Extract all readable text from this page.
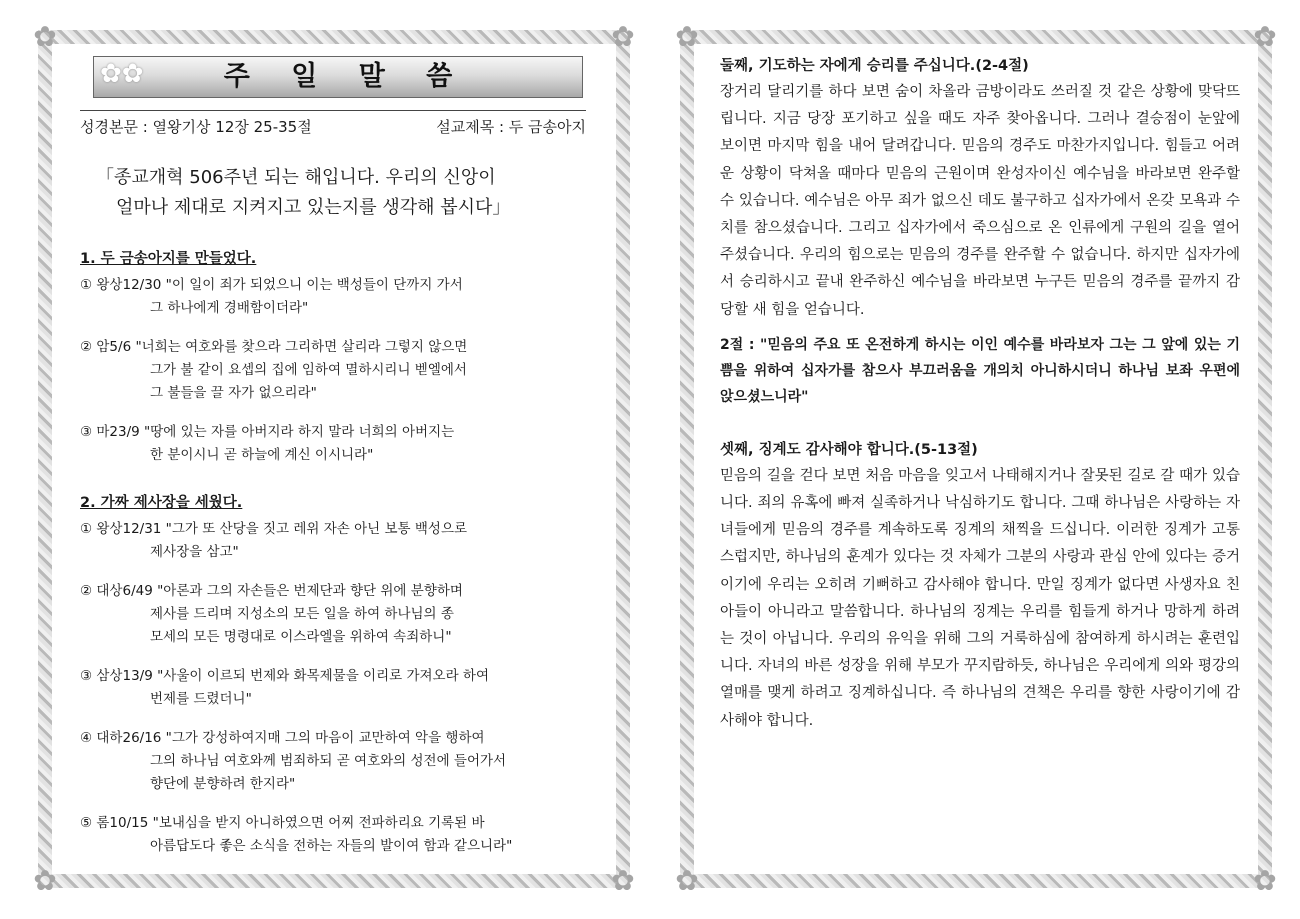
✿	✿
✿	✿
✿✿	주 일 말 씀
성경본문 : 열왕기상 12장 25-35절	설교제목 : 두 금송아지
「종교개혁 506주년 되는 해입니다. 우리의 신앙이
얼마나 제대로 지켜지고 있는지를 생각해 봅시다」
1. 두 금송아지를 만들었다.
① 왕상12/30 "이 일이 죄가 되었으니 이는 백성들이 단까지 가서
그 하나에게 경배함이더라"
② 암5/6 "너희는 여호와를 찾으라 그리하면 살리라 그렇지 않으면
그가 불 같이 요셉의 집에 임하여 멸하시리니 벧엘에서
그 불들을 끌 자가 없으리라"
③ 마23/9 "땅에 있는 자를 아버지라 하지 말라 너희의 아버지는
한 분이시니 곧 하늘에 계신 이시니라"
2. 가짜 제사장을 세웠다.
① 왕상12/31 "그가 또 산당을 짓고 레위 자손 아닌 보통 백성으로
제사장을 삼고"
② 대상6/49 "아론과 그의 자손들은 번제단과 향단 위에 분향하며
제사를 드리며 지성소의 모든 일을 하여 하나님의 종
모세의 모든 명령대로 이스라엘을 위하여 속죄하니"
③ 삼상13/9 "사울이 이르되 번제와 화목제물을 이리로 가져오라 하여
번제를 드렸더니"
④ 대하26/16 "그가 강성하여지매 그의 마음이 교만하여 악을 행하여
그의 하나님 여호와께 범죄하되 곧 여호와의 성전에 들어가서
향단에 분향하려 한지라"
⑤ 롬10/15 "보내심을 받지 아니하였으면 어찌 전파하리요 기록된 바
아름답도다 좋은 소식을 전하는 자들의 발이여 함과 같으니라"
✿	✿
✿	✿
둘째, 기도하는 자에게 승리를 주십니다.(2-4절)

장거리 달리기를 하다 보면 숨이 차올라 금방이라도 쓰러질 것 같은 상황에 맞닥뜨립니다. 지금 당장 포기하고 싶을 때도 자주 찾아옵니다. 그러나 결승점이 눈앞에 보이면 마지막 힘을 내어 달려갑니다. 믿음의 경주도 마찬가지입니다. 힘들고 어려운 상황이 닥쳐올 때마다 믿음의 근원이며 완성자이신 예수님을 바라보면 완주할 수 있습니다. 예수님은 아무 죄가 없으신 데도 불구하고 십자가에서 온갖 모욕과 수치를 참으셨습니다. 그리고 십자가에서 죽으심으로 온 인류에게 구원의 길을 열어 주셨습니다. 우리의 힘으로는 믿음의 경주를 완주할 수 없습니다. 하지만 십자가에서 승리하시고 끝내 완주하신 예수님을 바라보면 누구든 믿음의 경주를 끝까지 감당할 새 힘을 얻습니다.

2절 : "믿음의 주요 또 온전하게 하시는 이인 예수를 바라보자 그는 그 앞에 있는 기쁨을 위하여 십자가를 참으사 부끄러움을 개의치 아니하시더니 하나님 보좌 우편에 앉으셨느니라"

셋째, 징계도 감사해야 합니다.(5-13절)

믿음의 길을 걷다 보면 처음 마음을 잊고서 나태해지거나 잘못된 길로 갈 때가 있습니다. 죄의 유혹에 빠져 실족하거나 낙심하기도 합니다. 그때 하나님은 사랑하는 자녀들에게 믿음의 경주를 계속하도록 징계의 채찍을 드십니다. 이러한 징계가 고통스럽지만, 하나님의 훈계가 있다는 것 자체가 그분의 사랑과 관심 안에 있다는 증거이기에 우리는 오히려 기뻐하고 감사해야 합니다. 만일 징계가 없다면 사생자요 친아들이 아니라고 말씀합니다. 하나님의 징계는 우리를 힘들게 하거나 망하게 하려는 것이 아닙니다. 우리의 유익을 위해 그의 거룩하심에 참여하게 하시려는 훈련입니다. 자녀의 바른 성장을 위해 부모가 꾸지람하듯, 하나님은 우리에게 의와 평강의 열매를 맺게 하려고 징계하십니다. 즉 하나님의 견책은 우리를 향한 사랑이기에 감사해야 합니다.
